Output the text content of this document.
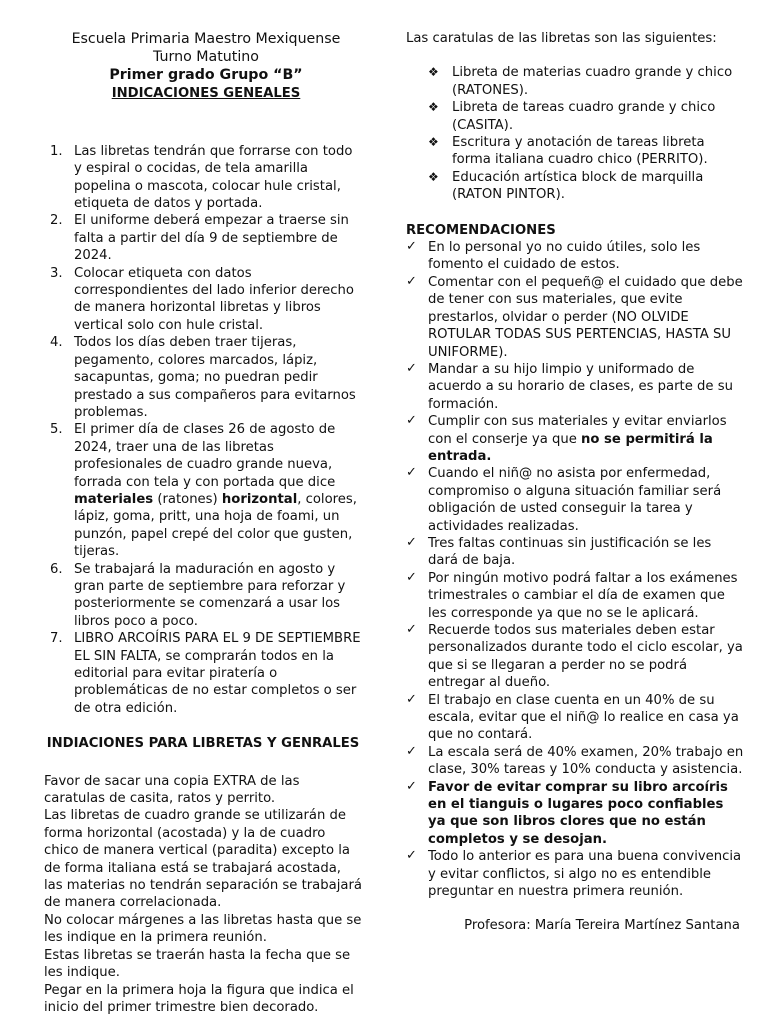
Escuela Primaria Maestro Mexiquense
Turno Matutino
Primer grado Grupo “B”
INDICACIONES GENEALES
1. Las libretas tendrán que forrarse con todo y espiral o cocidas, de tela amarilla popelina o mascota, colocar hule cristal, etiqueta de datos y portada.
2. El uniforme deberá empezar a traerse sin falta a partir del día 9 de septiembre de 2024.
3. Colocar etiqueta con datos correspondientes del lado inferior derecho de manera horizontal libretas y libros vertical solo con hule cristal.
4. Todos los días deben traer tijeras, pegamento, colores marcados, lápiz, sacapuntas, goma; no puedran pedir prestado a sus compañeros para evitarnos problemas.
5. El primer día de clases 26 de agosto de 2024, traer una de las libretas profesionales de cuadro grande nueva, forrada con tela y con portada que dice materiales (ratones) horizontal, colores, lápiz, goma, pritt, una hoja de foami, un punzón, papel crepé del color que gusten, tijeras.
6. Se trabajará la maduración en agosto y gran parte de septiembre para reforzar y posteriormente se comenzará a usar los libros poco a poco.
7. LIBRO ARCOÍRIS PARA EL 9 DE SEPTIEMBRE EL SIN FALTA, se comprarán todos en la editorial para evitar piratería o problemáticas de no estar completos o ser de otra edición.
INDIACIONES PARA LIBRETAS Y GENRALES

Favor de sacar una copia EXTRA de las caratulas de casita, ratos y perrito.

Las libretas de cuadro grande se utilizarán de forma horizontal (acostada) y la de cuadro chico de manera vertical (paradita) excepto la de forma italiana está se trabajará acostada, las materias no tendrán separación se trabajará de manera correlacionada.

No colocar márgenes a las libretas hasta que se les indique en la primera reunión.

Estas libretas se traerán hasta la fecha que se les indique.

Pegar en la primera hoja la figura que indica el inicio del primer trimestre bien decorado.

Las caratulas de las libretas son las siguientes:

❖ Libreta de materias cuadro grande y chico (RATONES).
❖ Libreta de tareas cuadro grande y chico (CASITA).
❖ Escritura y anotación de tareas libreta forma italiana cuadro chico (PERRITO).
❖ Educación artística block de marquilla (RATON PINTOR).

RECOMENDACIONES

✓ En lo personal yo no cuido útiles, solo les fomento el cuidado de estos.
✓ Comentar con el pequeñ@ el cuidado que debe de tener con sus materiales, que evite prestarlos, olvidar o perder (NO OLVIDE ROTULAR TODAS SUS PERTENCIAS, HASTA SU UNIFORME).
✓ Mandar a su hijo limpio y uniformado de acuerdo a su horario de clases, es parte de su formación.
✓ Cumplir con sus materiales y evitar enviarlos con el conserje ya que no se permitirá la entrada.
✓ Cuando el niñ@ no asista por enfermedad, compromiso o alguna situación familiar será obligación de usted conseguir la tarea y actividades realizadas.
✓ Tres faltas continuas sin justificación se les dará de baja.
✓ Por ningún motivo podrá faltar a los exámenes trimestrales o cambiar el día de examen que les corresponde ya que no se le aplicará.
✓ Recuerde todos sus materiales deben estar personalizados durante todo el ciclo escolar, ya que si se llegaran a perder no se podrá entregar al dueño.
✓ El trabajo en clase cuenta en un 40% de su escala, evitar que el niñ@ lo realice en casa ya que no contará.
✓ La escala será de 40% examen, 20% trabajo en clase, 30% tareas y 10% conducta y asistencia.
✓ Favor de evitar comprar su libro arcoíris en el tianguis o lugares poco confiables ya que son libros clores que no están completos y se desojan.
✓ Todo lo anterior es para una buena convivencia y evitar conflictos, si algo no es entendible preguntar en nuestra primera reunión.
Profesora: María Tereira Martínez Santana
